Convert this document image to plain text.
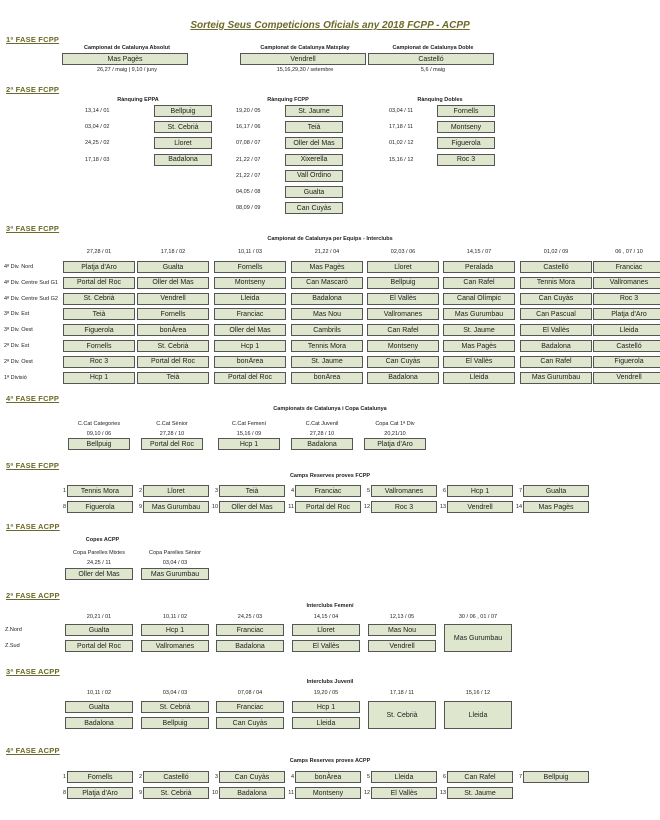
Sorteig Seus Competicions Oficials any 2018 FCPP - ACPP
1ª FASE FCPP
Campionat de Catalunya Absolut
Mas Pagès
26,27 / maig | 9,10 / juny
Campionat de Catalunya Matxplay
Vendrell
15,16,29,30 / setembre
Campionat de Catalunya Doble
Castelló
5,6 / maig
2ª FASE FCPP
Rànquing EPPA
13,14 / 01	Bellpuig
03,04 / 02	St. Cebrià
24,25 / 02	Lloret
17,18 / 03	Badalona
Rànquing FCPP
19,20 / 05	St. Jaume
16,17 / 06	Teià
07,08 / 07	Oller del Mas
21,22 / 07	Xixerella
21,22 / 07	Vall Ordino
04,05 / 08	Gualta
08,09 / 09	Can Cuyàs
Rànquing Dobles
03,04 / 11	Fornells
17,18 / 11	Montseny
01,02 / 12	Figuerola
15,16 / 12	Roc 3
3ª FASE FCPP
Campionat de Catalunya per Equips - Interclubs
27,28 / 01	17,18 / 02	10,11 / 03	21,22 / 04	02,03 / 06	14,15 / 07	01,02 / 09	06 , 07 / 10
4ª Div. Nord	Platja d'Aro	Gualta	Fornells	Mas Pagès	Lloret	Peralada	Castelló	Franciac
4ª Div. Centre Sud G1	Portal del Roc	Oller del Mas	Montseny	Can Mascaró	Bellpuig	Can Rafel	Tennis Mora	Vallromanes
4ª Div. Centre Sud G2	St. Cebrià	Vendrell	Lleida	Badalona	El Vallès	Canal Olímpic	Can Cuyàs	Roc 3
3ª Div. Est	Teià	Fornells	Franciac	Mas Nou	Vallromanes	Mas Gurumbau	Can Pascual	Platja d'Aro
3ª Div. Oest	Figuerola	bonÀrea	Oller del Mas	Cambrils	Can Rafel	St. Jaume	El Vallès	Lleida
2ª Div. Est	Fornells	St. Cebrià	Hcp 1	Tennis Mora	Montseny	Mas Pagès	Badalona	Castelló
2ª Div. Oest	Roc 3	Portal del Roc	bonÀrea	St. Jaume	Can Cuyàs	El Vallès	Can Rafel	Figuerola
1ª Divisió	Hcp 1	Teià	Portal del Roc	bonÀrea	Badalona	Lleida	Mas Gurumbau	Vendrell
4ª FASE FCPP
Campionats de Catalunya i Copa Catalunya
C.Cat Categories
09,10 / 06
Bellpuig
C.Cat Sènior
27,28 / 10
Portal del Roc
C.Cat Femení
15,16 / 09
Hcp 1
C.Cat Juvenil
27,28 / 10
Badalona
Copa Cat 1ª Div
20,21/10
Platja d'Aro
5ª FASE FCPP
Camps Reserves proves FCPP
1	Tennis Mora	2	Lloret	3	Teià	4	Franciac	5	Vallromanes	6	Hcp 1	7	Gualta
8	Figuerola	9	Mas Gurumbau	10	Oller del Mas	11	Portal del Roc	12	Roc 3	13	Vendrell	14	Mas Pagès
1ª FASE ACPP
Copes ACPP
Copa Parelles Mixtes
24,25 / 11
Oller del Mas
Copa Parelles Sènior
03,04 / 03
Mas Gurumbau
2ª FASE ACPP
Interclubs Femení
20,21 / 01	10,11 / 02	24,25 / 03	14,15 / 04	12,13 / 05	30 / 06 , 01 / 07
Z.Nord	Gualta	Hcp 1	Franciac	Lloret	Mas Nou
Z.Sud	Portal del Roc	Vallromanes	Badalona	El Vallès	Vendrell
Mas Gurumbau
3ª FASE ACPP
Interclubs Juvenil
10,11 / 02	03,04 / 03	07,08 / 04	19,20 / 05	17,18 / 11	15,16 / 12
Gualta	St. Cebrià	Franciac	Hcp 1
Badalona	Bellpuig	Can Cuyàs	Lleida
St. Cebrià	Lleida
4ª FASE ACPP
Camps Reserves proves ACPP
1	Fornells	2	Castelló	3	Can Cuyàs	4	bonÀrea	5	Lleida	6	Can Rafel	7	Bellpuig
8	Platja d'Aro	9	St. Cebrià	10	Badalona	11	Montseny	12	El Vallès	13	St. Jaume
